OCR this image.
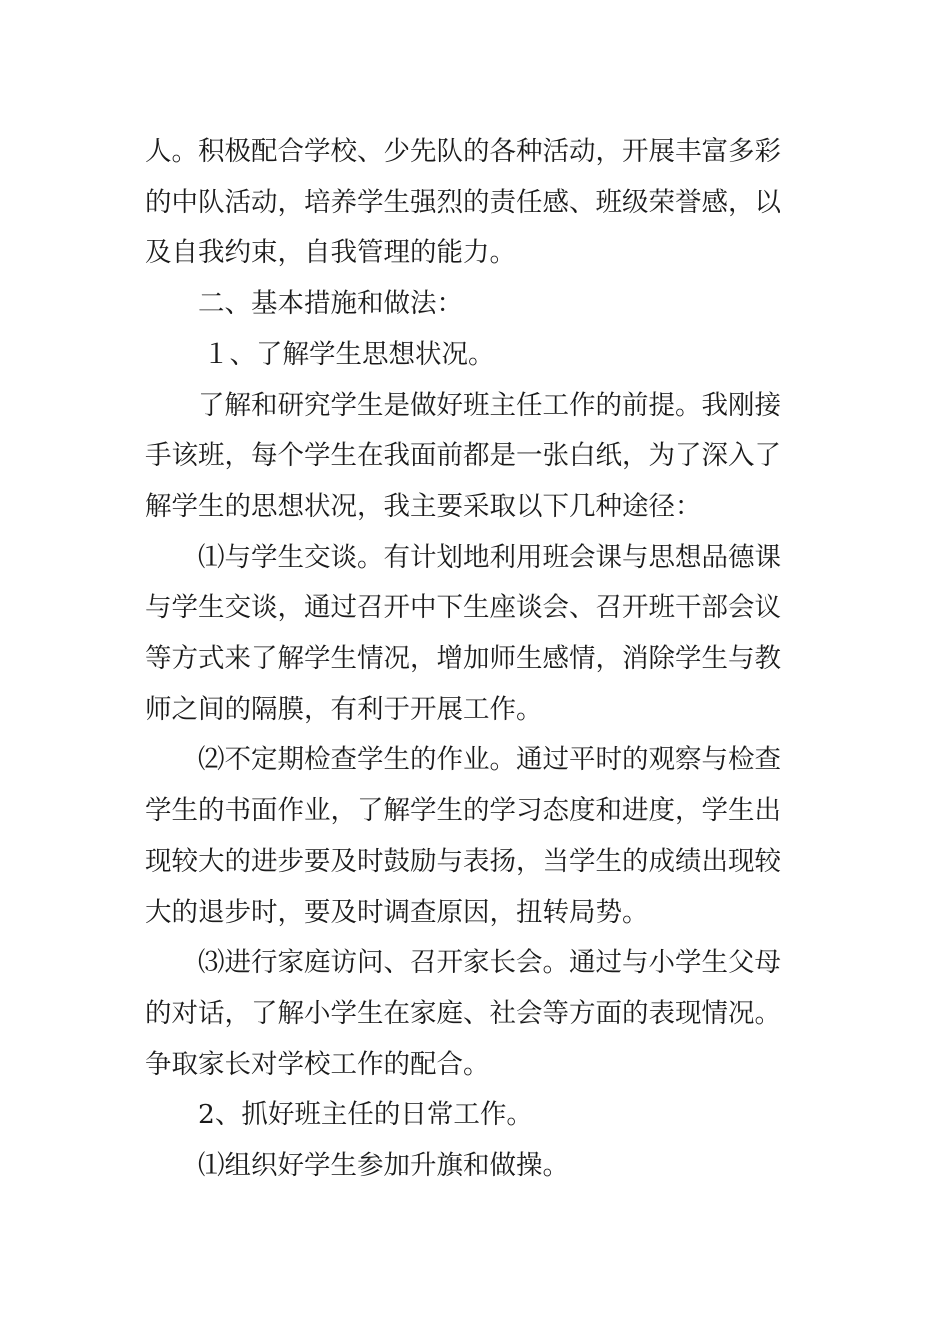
人。积极配合学校、少先队的各种活动，开展丰富多彩的中队活动，培养学生强烈的责任感、班级荣誉感，以及自我约束，自我管理的能力。

二、基本措施和做法：

１、了解学生思想状况。

了解和研究学生是做好班主任工作的前提。我刚接手该班，每个学生在我面前都是一张白纸，为了深入了解学生的思想状况，我主要采取以下几种途径：

⑴与学生交谈。有计划地利用班会课与思想品德课与学生交谈，通过召开中下生座谈会、召开班干部会议等方式来了解学生情况，增加师生感情，消除学生与教师之间的隔膜，有利于开展工作。

⑵不定期检查学生的作业。通过平时的观察与检查学生的书面作业，了解学生的学习态度和进度，学生出现较大的进步要及时鼓励与表扬，当学生的成绩出现较大的退步时，要及时调查原因，扭转局势。

⑶进行家庭访问、召开家长会。通过与小学生父母的对话，了解小学生在家庭、社会等方面的表现情况。争取家长对学校工作的配合。

2、抓好班主任的日常工作。

⑴组织好学生参加升旗和做操。
